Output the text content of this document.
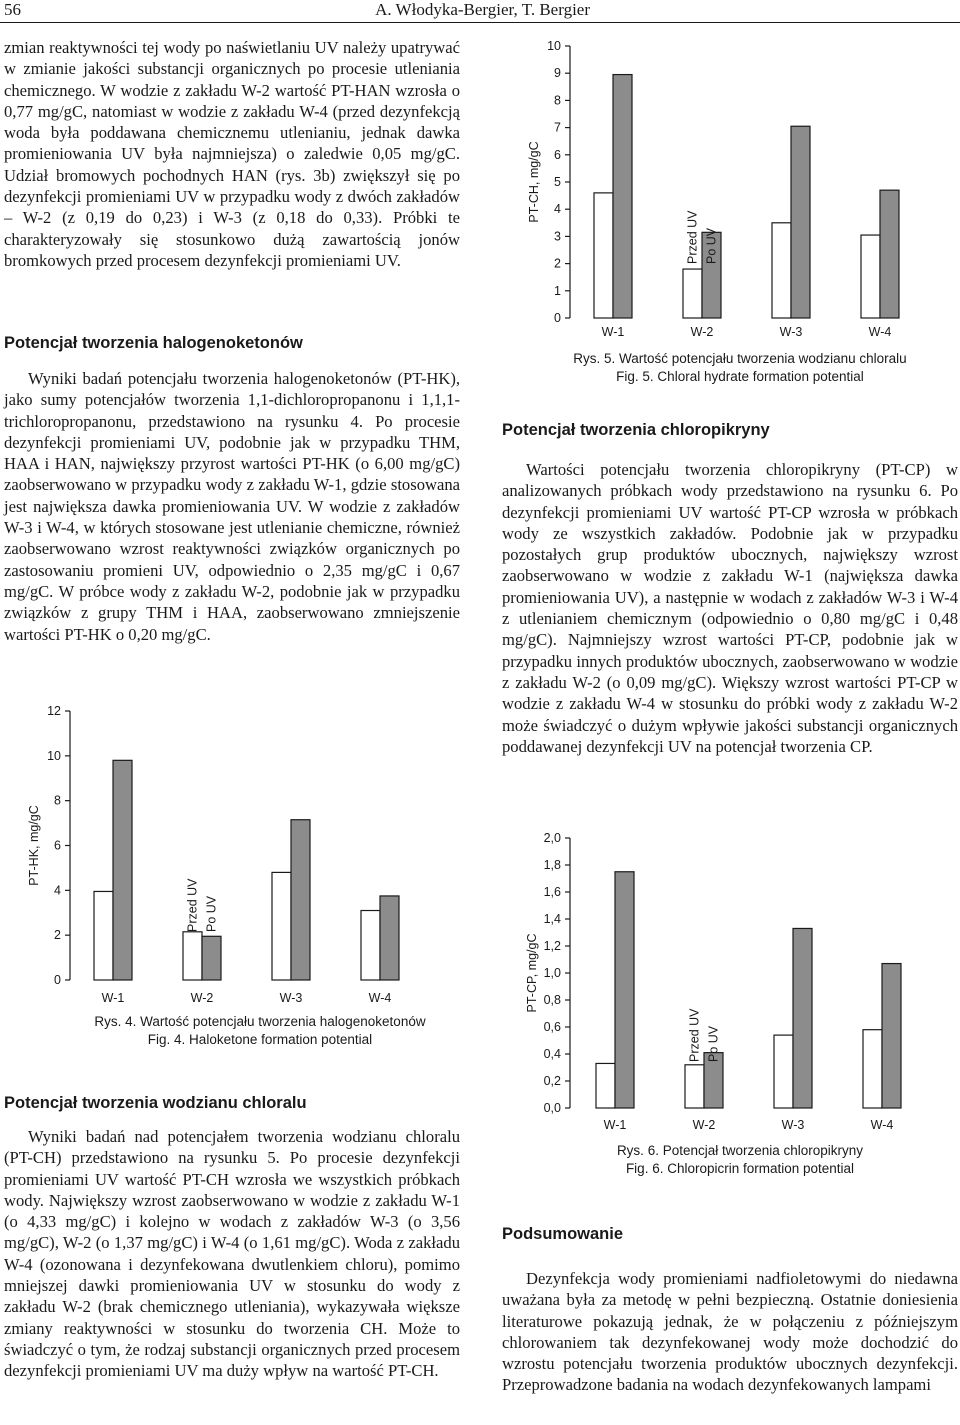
56	A. Włodyka-Bergier, T. Bergier

zmian reaktywności tej wody po naświetlaniu UV należy upatrywać w zmianie jakości substancji organicznych po procesie utleniania chemicznego. W wodzie z zakładu W-2 wartość PT-HAN wzrosła o 0,77 mg/gC, natomiast w wodzie z zakładu W-4 (przed dezynfekcją woda była poddawana chemicznemu utlenianiu, jednak dawka promieniowania UV była najmniejsza) o zaledwie 0,05 mg/gC. Udział bromowych pochodnych HAN (rys. 3b) zwiększył się po dezynfekcji promieniami UV w przypadku wody z dwóch zakładów – W-2 (z 0,19 do 0,23) i W-3 (z 0,18 do 0,33). Próbki te charakteryzowały się stosunkowo dużą zawartością jonów bromkowych przed procesem dezynfekcji promieniami UV.

Potencjał tworzenia halogenoketonów

Wyniki badań potencjału tworzenia halogenoketonów (PT-HK), jako sumy potencjałów tworzenia 1,1-dichloropropanonu i 1,1,1-trichloropropanonu, przedstawiono na rysunku 4. Po procesie dezynfekcji promieniami UV, podobnie jak w przypadku THM, HAA i HAN, największy przyrost wartości PT-HK (o 6,00 mg/gC) zaobserwowano w przypadku wody z zakładu W-1, gdzie stosowana jest największa dawka promieniowania UV. W wodzie z zakładów W-3 i W-4, w których stosowane jest utlenianie chemiczne, również zaobserwowano wzrost reaktywności związków organicznych po zastosowaniu promieni UV, odpowiednio o 2,35 mg/gC i 0,67 mg/gC. W próbce wody z zakładu W-2, podobnie jak w przypadku związków z grupy THM i HAA, zaobserwowano zmniejszenie wartości PT-HK o 0,20 mg/gC.

0
2
4
6
8
10
12
PT-HK, mg/gC
W-1	W-2	W-3	W-4
Przed UV Po UV
Rys. 4. Wartość potencjału tworzenia halogenoketonów
Fig. 4. Haloketone formation potential
Potencjał tworzenia wodzianu chloralu

Wyniki badań nad potencjałem tworzenia wodzianu chloralu (PT-CH) przedstawiono na rysunku 5. Po procesie dezynfekcji promieniami UV wartość PT-CH wzrosła we wszystkich próbkach wody. Największy wzrost zaobserwowano w wodzie z zakładu W-1 (o 4,33 mg/gC) i kolejno w wodach z zakładów W-3 (o 3,56 mg/gC), W-2 (o 1,37 mg/gC) i W-4 (o 1,61 mg/gC). Woda z zakładu W-4 (ozonowana i dezynfekowana dwutlenkiem chloru), pomimo mniejszej dawki promieniowania UV w stosunku do wody z zakładu W-2 (brak chemicznego utleniania), wykazywała większe zmiany reaktywności w stosunku do tworzenia CH. Może to świadczyć o tym, że rodzaj substancji organicznych przed procesem dezynfekcji promieniami UV ma duży wpływ na wartość PT-CH.

0
1
2
3
4
5
6
7
8
9
10
PT-CH, mg/gC
W-1	W-2	W-3	W-4
Przed UV Po UV
Rys. 5. Wartość potencjału tworzenia wodzianu chloralu
Fig. 5. Chloral hydrate formation potential
Potencjał tworzenia chloropikryny

Wartości potencjału tworzenia chloropikryny (PT-CP) w analizowanych próbkach wody przedstawiono na rysunku 6. Po dezynfekcji promieniami UV wartość PT-CP wzrosła w próbkach wody ze wszystkich zakładów. Podobnie jak w przypadku pozostałych grup produktów ubocznych, największy wzrost zaobserwowano w wodzie z zakładu W-1 (największa dawka promieniowania UV), a następnie w wodach z zakładów W-3 i W-4 z utlenianiem chemicznym (odpowiednio o 0,80 mg/gC i 0,48 mg/gC). Najmniejszy wzrost wartości PT-CP, podobnie jak w przypadku innych produktów ubocznych, zaobserwowano w wodzie z zakładu W-2 (o 0,09 mg/gC). Większy wzrost wartości PT-CP w wodzie z zakładu W-4 w stosunku do próbki wody z zakładu W-2 może świadczyć o dużym wpływie jakości substancji organicznych poddawanej dezynfekcji UV na potencjał tworzenia CP.

0,0
0,2
0,4
0,6
0,8
1,0
1,2
1,4
1,6
1,8
2,0
PT-CP, mg/gC
W-1	W-2	W-3	W-4
Przed UV Po UV
Rys. 6. Potencjał tworzenia chloropikryny
Fig. 6. Chloropicrin formation potential
Podsumowanie

Dezynfekcja wody promieniami nadfioletowymi do niedawna uważana była za metodę w pełni bezpieczną. Ostatnie doniesienia literaturowe pokazują jednak, że w połączeniu z późniejszym chlorowaniem tak dezynfekowanej wody może dochodzić do wzrostu potencjału tworzenia produktów ubocznych dezynfekcji. Przeprowadzone badania na wodach dezynfekowanych lampami
